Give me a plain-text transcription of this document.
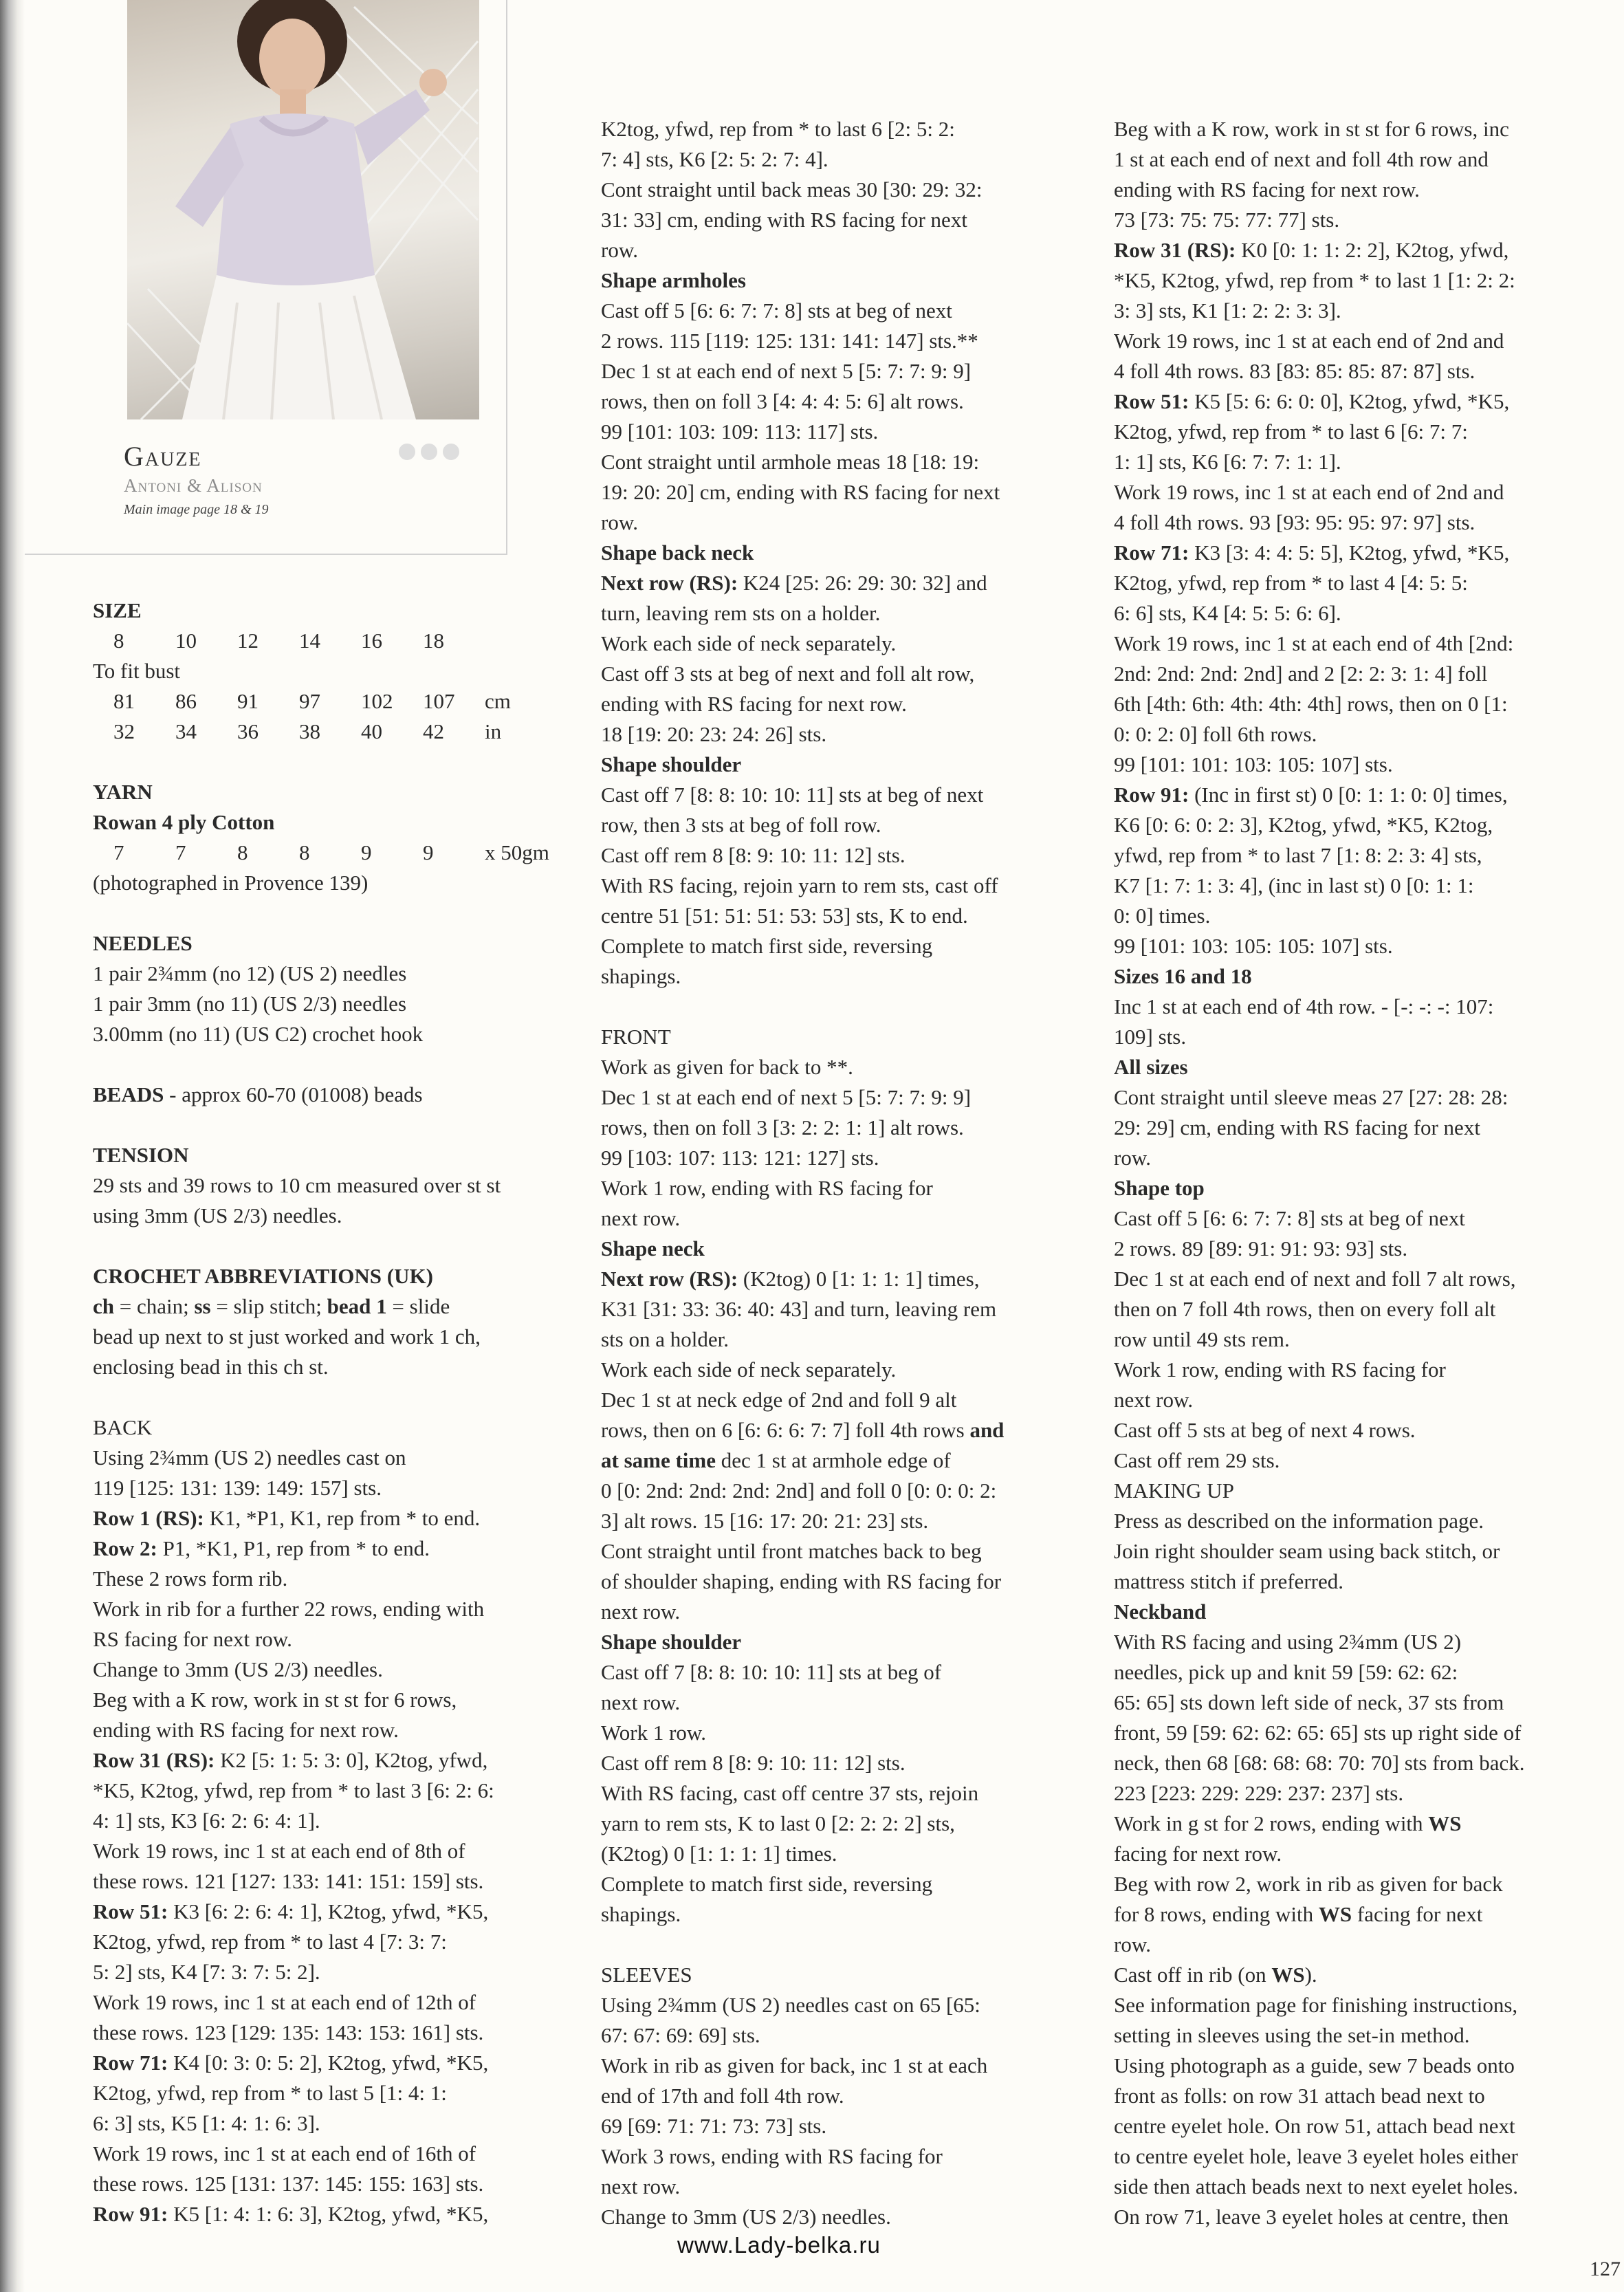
Gauze
Antoni & Alison
Main image page 18 & 19
SIZE
8	10	12	14	16	18
To fit bust
81	86	91	97	102	107	cm
32	34	36	38	40	42	in
YARN
Rowan 4 ply Cotton
7	7	8	8	9	9	x 50gm
(photographed in Provence 139)
NEEDLES
1 pair 2¾mm (no 12) (US 2) needles
1 pair 3mm (no 11) (US 2/3) needles
3.00mm (no 11) (US C2) crochet hook
BEADS - approx 60-70 (01008) beads
TENSION
29 sts and 39 rows to 10 cm measured over st st
using 3mm (US 2/3) needles.
CROCHET ABBREVIATIONS (UK)
ch = chain; ss = slip stitch; bead 1 = slide
bead up next to st just worked and work 1 ch,
enclosing bead in this ch st.
BACK
Using 2¾mm (US 2) needles cast on
119 [125: 131: 139: 149: 157] sts.
Row 1 (RS): K1, *P1, K1, rep from * to end.
Row 2: P1, *K1, P1, rep from * to end.
These 2 rows form rib.
Work in rib for a further 22 rows, ending with
RS facing for next row.
Change to 3mm (US 2/3) needles.
Beg with a K row, work in st st for 6 rows,
ending with RS facing for next row.
Row 31 (RS): K2 [5: 1: 5: 3: 0], K2tog, yfwd,
*K5, K2tog, yfwd, rep from * to last 3 [6: 2: 6:
4: 1] sts, K3 [6: 2: 6: 4: 1].
Work 19 rows, inc 1 st at each end of 8th of
these rows. 121 [127: 133: 141: 151: 159] sts.
Row 51: K3 [6: 2: 6: 4: 1], K2tog, yfwd, *K5,
K2tog, yfwd, rep from * to last 4 [7: 3: 7:
5: 2] sts, K4 [7: 3: 7: 5: 2].
Work 19 rows, inc 1 st at each end of 12th of
these rows. 123 [129: 135: 143: 153: 161] sts.
Row 71: K4 [0: 3: 0: 5: 2], K2tog, yfwd, *K5,
K2tog, yfwd, rep from * to last 5 [1: 4: 1:
6: 3] sts, K5 [1: 4: 1: 6: 3].
Work 19 rows, inc 1 st at each end of 16th of
these rows. 125 [131: 137: 145: 155: 163] sts.
Row 91: K5 [1: 4: 1: 6: 3], K2tog, yfwd, *K5,
K2tog, yfwd, rep from * to last 6 [2: 5: 2:
7: 4] sts, K6 [2: 5: 2: 7: 4].
Cont straight until back meas 30 [30: 29: 32:
31: 33] cm, ending with RS facing for next
row.
Shape armholes
Cast off 5 [6: 6: 7: 7: 8] sts at beg of next
2 rows. 115 [119: 125: 131: 141: 147] sts.**
Dec 1 st at each end of next 5 [5: 7: 7: 9: 9]
rows, then on foll 3 [4: 4: 4: 5: 6] alt rows.
99 [101: 103: 109: 113: 117] sts.
Cont straight until armhole meas 18 [18: 19:
19: 20: 20] cm, ending with RS facing for next
row.
Shape back neck
Next row (RS): K24 [25: 26: 29: 30: 32] and
turn, leaving rem sts on a holder.
Work each side of neck separately.
Cast off 3 sts at beg of next and foll alt row,
ending with RS facing for next row.
18 [19: 20: 23: 24: 26] sts.
Shape shoulder
Cast off 7 [8: 8: 10: 10: 11] sts at beg of next
row, then 3 sts at beg of foll row.
Cast off rem 8 [8: 9: 10: 11: 12] sts.
With RS facing, rejoin yarn to rem sts, cast off
centre 51 [51: 51: 51: 53: 53] sts, K to end.
Complete to match first side, reversing
shapings.
FRONT
Work as given for back to **.
Dec 1 st at each end of next 5 [5: 7: 7: 9: 9]
rows, then on foll 3 [3: 2: 2: 1: 1] alt rows.
99 [103: 107: 113: 121: 127] sts.
Work 1 row, ending with RS facing for
next row.
Shape neck
Next row (RS): (K2tog) 0 [1: 1: 1: 1] times,
K31 [31: 33: 36: 40: 43] and turn, leaving rem
sts on a holder.
Work each side of neck separately.
Dec 1 st at neck edge of 2nd and foll 9 alt
rows, then on 6 [6: 6: 6: 7: 7] foll 4th rows and
at same time dec 1 st at armhole edge of
0 [0: 2nd: 2nd: 2nd: 2nd] and foll 0 [0: 0: 0: 2:
3] alt rows. 15 [16: 17: 20: 21: 23] sts.
Cont straight until front matches back to beg
of shoulder shaping, ending with RS facing for
next row.
Shape shoulder
Cast off 7 [8: 8: 10: 10: 11] sts at beg of
next row.
Work 1 row.
Cast off rem 8 [8: 9: 10: 11: 12] sts.
With RS facing, cast off centre 37 sts, rejoin
yarn to rem sts, K to last 0 [2: 2: 2: 2] sts,
(K2tog) 0 [1: 1: 1: 1] times.
Complete to match first side, reversing
shapings.
SLEEVES
Using 2¾mm (US 2) needles cast on 65 [65:
67: 67: 69: 69] sts.
Work in rib as given for back, inc 1 st at each
end of 17th and foll 4th row.
69 [69: 71: 71: 73: 73] sts.
Work 3 rows, ending with RS facing for
next row.
Change to 3mm (US 2/3) needles.
Beg with a K row, work in st st for 6 rows, inc
1 st at each end of next and foll 4th row and
ending with RS facing for next row.
73 [73: 75: 75: 77: 77] sts.
Row 31 (RS): K0 [0: 1: 1: 2: 2], K2tog, yfwd,
*K5, K2tog, yfwd, rep from * to last 1 [1: 2: 2:
3: 3] sts, K1 [1: 2: 2: 3: 3].
Work 19 rows, inc 1 st at each end of 2nd and
4 foll 4th rows. 83 [83: 85: 85: 87: 87] sts.
Row 51: K5 [5: 6: 6: 0: 0], K2tog, yfwd, *K5,
K2tog, yfwd, rep from * to last 6 [6: 7: 7:
1: 1] sts, K6 [6: 7: 7: 1: 1].
Work 19 rows, inc 1 st at each end of 2nd and
4 foll 4th rows. 93 [93: 95: 95: 97: 97] sts.
Row 71: K3 [3: 4: 4: 5: 5], K2tog, yfwd, *K5,
K2tog, yfwd, rep from * to last 4 [4: 5: 5:
6: 6] sts, K4 [4: 5: 5: 6: 6].
Work 19 rows, inc 1 st at each end of 4th [2nd:
2nd: 2nd: 2nd: 2nd] and 2 [2: 2: 3: 1: 4] foll
6th [4th: 6th: 4th: 4th: 4th] rows, then on 0 [1:
0: 0: 2: 0] foll 6th rows.
99 [101: 101: 103: 105: 107] sts.
Row 91: (Inc in first st) 0 [0: 1: 1: 0: 0] times,
K6 [0: 6: 0: 2: 3], K2tog, yfwd, *K5, K2tog,
yfwd, rep from * to last 7 [1: 8: 2: 3: 4] sts,
K7 [1: 7: 1: 3: 4], (inc in last st) 0 [0: 1: 1:
0: 0] times.
99 [101: 103: 105: 105: 107] sts.
Sizes 16 and 18
Inc 1 st at each end of 4th row. - [-: -: -: 107:
109] sts.
All sizes
Cont straight until sleeve meas 27 [27: 28: 28:
29: 29] cm, ending with RS facing for next
row.
Shape top
Cast off 5 [6: 6: 7: 7: 8] sts at beg of next
2 rows. 89 [89: 91: 91: 93: 93] sts.
Dec 1 st at each end of next and foll 7 alt rows,
then on 7 foll 4th rows, then on every foll alt
row until 49 sts rem.
Work 1 row, ending with RS facing for
next row.
Cast off 5 sts at beg of next 4 rows.
Cast off rem 29 sts.
MAKING UP
Press as described on the information page.
Join right shoulder seam using back stitch, or
mattress stitch if preferred.
Neckband
With RS facing and using 2¾mm (US 2)
needles, pick up and knit 59 [59: 62: 62:
65: 65] sts down left side of neck, 37 sts from
front, 59 [59: 62: 62: 65: 65] sts up right side of
neck, then 68 [68: 68: 68: 70: 70] sts from back.
223 [223: 229: 229: 237: 237] sts.
Work in g st for 2 rows, ending with WS
facing for next row.
Beg with row 2, work in rib as given for back
for 8 rows, ending with WS facing for next
row.
Cast off in rib (on WS).
See information page for finishing instructions,
setting in sleeves using the set-in method.
Using photograph as a guide, sew 7 beads onto
front as folls: on row 31 attach bead next to
centre eyelet hole. On row 51, attach bead next
to centre eyelet hole, leave 3 eyelet holes either
side then attach beads next to next eyelet holes.
On row 71, leave 3 eyelet holes at centre, then
www.Lady-belka.ru
127
